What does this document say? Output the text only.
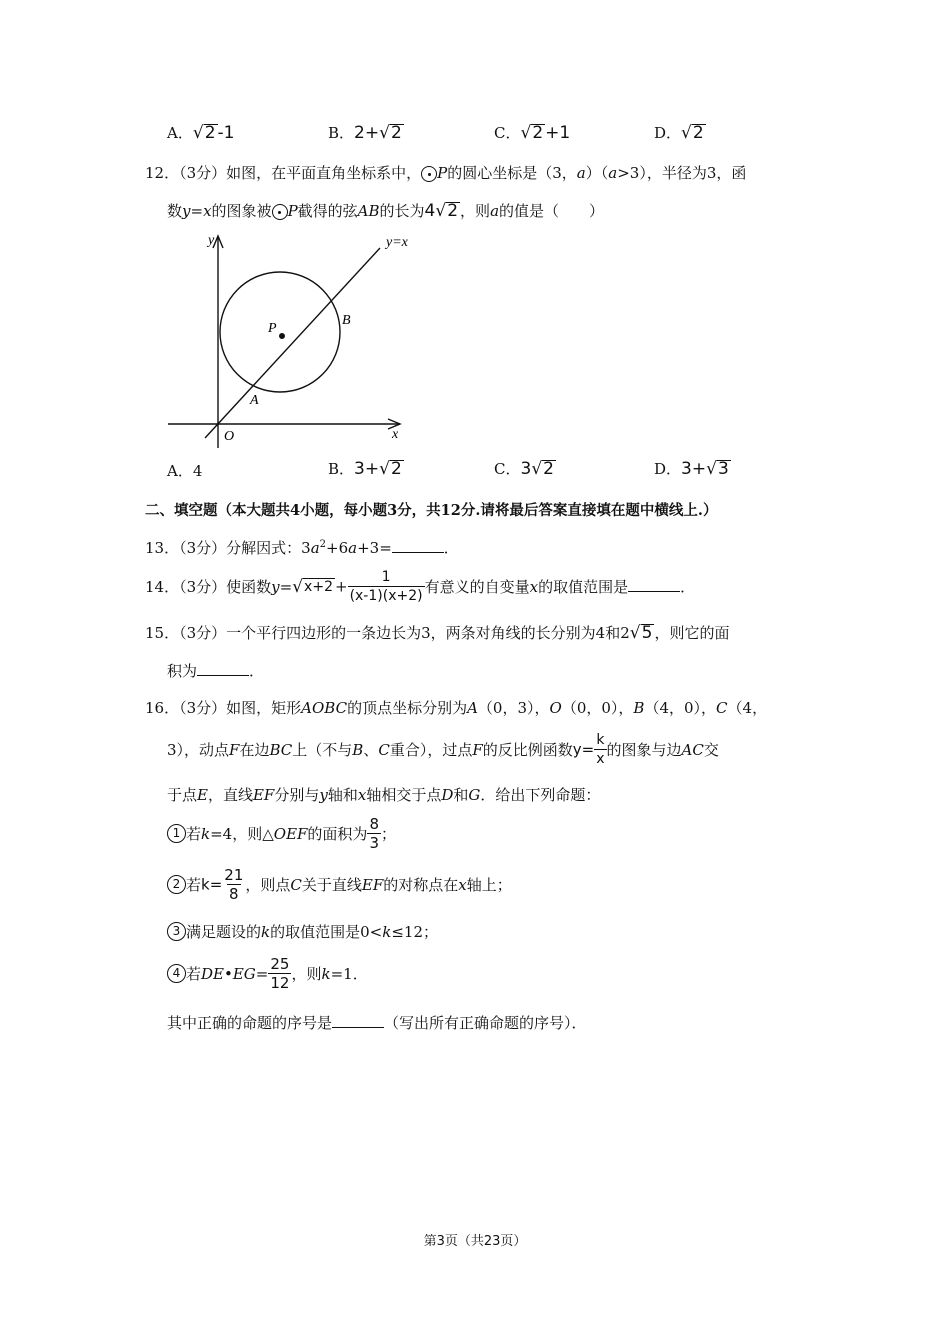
A． √ 2 -1	B．2+ √ 2	C． √ 2 +1	D． √ 2
12．（3分）如图，在平面直角坐标系中， P的圆心坐标是（3，a）（a>3），半径为3，函
数y=x的图象被 P截得的弦AB的长为4 √ 2 ，则a的值是（　　）
y
x
y=x
P
B
A
O
A．4	B．3+ √ 2	C．3 √ 2	D．3+ √ 3
二、填空题（本大题共4小题，每小题3分，共12分.请将最后答案直接填在题中横线上.）
13．（3分）分解因式：$3a^2+6a+3=$	．
14．（3分）使函数y= √ $x+2 + \frac{1}{(x-1)(x+2)}$ 有意义的自变量x的取值范围是	．
15．（3分）一个平行四边形的一条边长为3，两条对角线的长分别为4和2 √ 5 ，则它的面
积为	．
16．（3分）如图，矩形AOBC的顶点坐标分别为A（0，3），O（0，0），B（4，0），C（4，
3），动点F在边BC上（不与B、C重合），过点F的反比例函数$y= \frac{k}{x}$ 的图象与边AC交
于点E，直线EF分别与y轴和x轴相交于点D和G．给出下列命题：
1 若k=4，则△OEF的面积为 $\frac{8}{3}$ ；
2 若$k= \frac{21}{8}$ ，则点C关于直线EF的对称点在x轴上；
3 满足题设的k的取值范围是0<k≤12；
4 若DE•EG= $\frac{25}{12}$ ，则k=1．
其中正确的命题的序号是	（写出所有正确命题的序号）．
第3页（共23页）
